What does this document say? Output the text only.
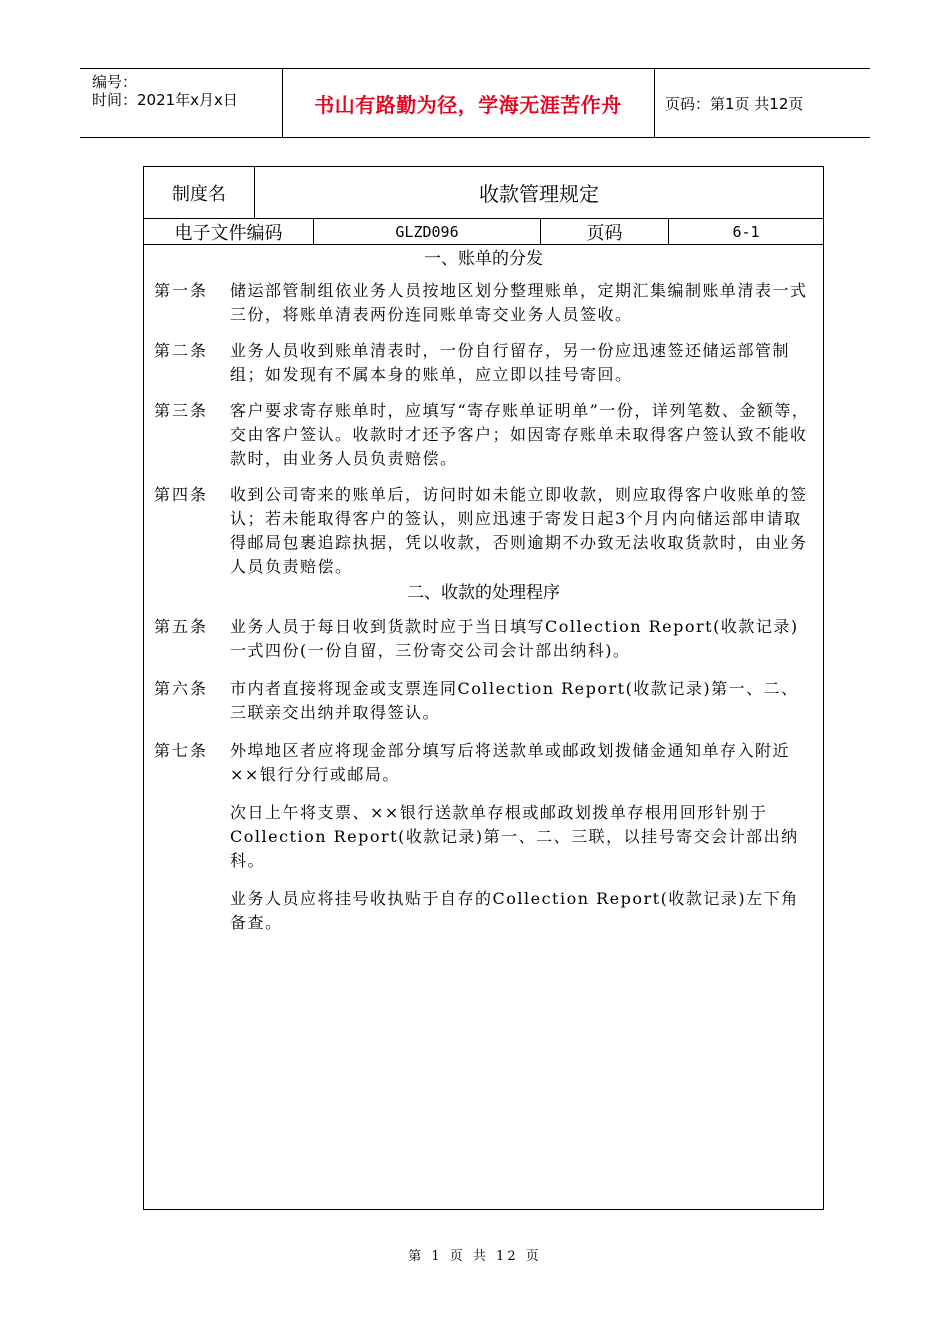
编号：
时间：2021年x月x日	书山有路勤为径，学海无涯苦作舟	页码：第1页 共12页
制度名	收款管理规定
电子文件编码	GLZD096	页码	6-1
一、账单的分发
第一条	储运部管制组依业务人员按地区划分整理账单，定期汇集编制账单清表一式三份，将账单清表两份连同账单寄交业务人员签收。
第二条	业务人员收到账单清表时，一份自行留存，另一份应迅速签还储运部管制组；如发现有不属本身的账单，应立即以挂号寄回。
第三条	客户要求寄存账单时，应填写“寄存账单证明单”一份，详列笔数、金额等，交由客户签认。收款时才还予客户；如因寄存账单未取得客户签认致不能收款时，由业务人员负责赔偿。
第四条	收到公司寄来的账单后，访问时如未能立即收款，则应取得客户收账单的签认；若未能取得客户的签认，则应迅速于寄发日起3个月内向储运部申请取得邮局包裹追踪执据，凭以收款，否则逾期不办致无法收取货款时，由业务人员负责赔偿。
二、收款的处理程序
第五条	业务人员于每日收到货款时应于当日填写Collection Report(收款记录)一式四份(一份自留，三份寄交公司会计部出纳科)。
第六条	市内者直接将现金或支票连同Collection Report(收款记录)第一、二、三联亲交出纳并取得签认。
第七条	外埠地区者应将现金部分填写后将送款单或邮政划拨储金通知单存入附近××银行分行或邮局。
次日上午将支票、××银行送款单存根或邮政划拨单存根用回形针别于Collection Report(收款记录)第一、二、三联，以挂号寄交会计部出纳科。
业务人员应将挂号收执贴于自存的Collection Report(收款记录)左下角备查。
第 1 页 共 12 页
